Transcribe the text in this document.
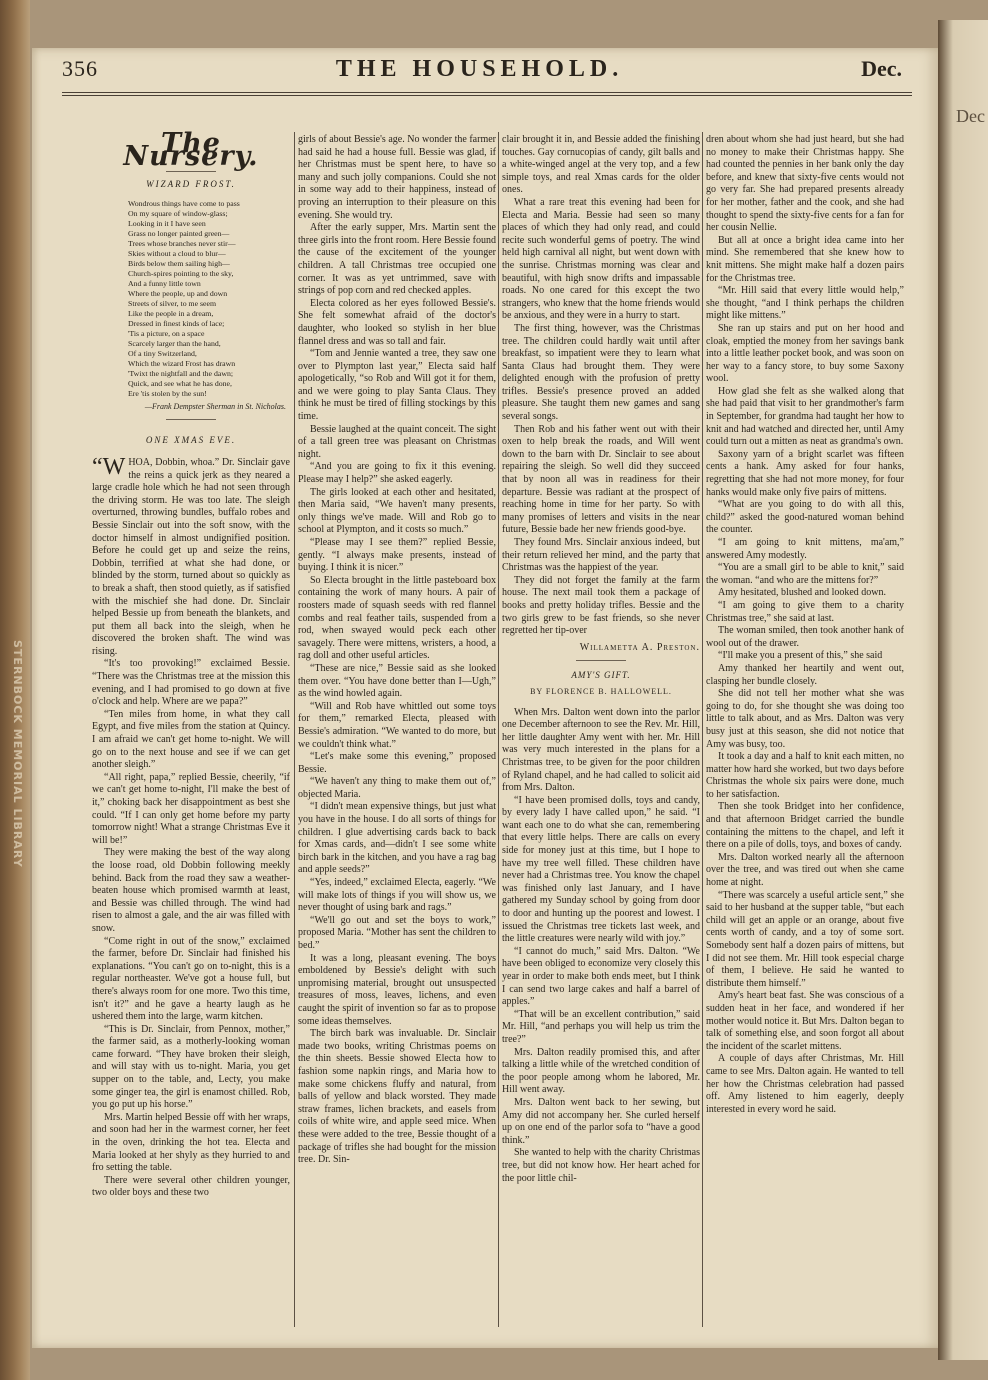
STERNBOCK MEMORIAL LIBRARY
Dec
356	THE HOUSEHOLD.	Dec.
The Nursery.
WIZARD FROST.
Wondrous things have come to pass
On my square of window-glass;
Looking in it I have seen
Grass no longer painted green—
Trees whose branches never stir—
Skies without a cloud to blur—
Birds below them sailing high—
Church-spires pointing to the sky,
And a funny little town
Where the people, up and down
Streets of silver, to me seem
Like the people in a dream,
Dressed in finest kinds of lace;
'Tis a picture, on a space
Scarcely larger than the hand,
Of a tiny Switzerland,
Which the wizard Frost has drawn
'Twixt the nightfall and the dawn;
Quick, and see what he has done,
Ere 'tis stolen by the sun!
—Frank Dempster Sherman in St. Nicholas.
ONE XMAS EVE.

“WHOA, Dobbin, whoa.” Dr. Sinclair gave the reins a quick jerk as they neared a large cradle hole which he had not seen through the driving storm. He was too late. The sleigh overturned, throwing bundles, buffalo robes and Bessie Sinclair out into the soft snow, with the doctor himself in almost undignified position. Before he could get up and seize the reins, Dobbin, terrified at what she had done, or blinded by the storm, turned about so quickly as to break a shaft, then stood quietly, as if satisfied with the mischief she had done. Dr. Sinclair helped Bessie up from beneath the blankets, and put them all back into the sleigh, when he discovered the broken shaft. The wind was rising.

“It's too provoking!” exclaimed Bessie. “There was the Christmas tree at the mission this evening, and I had promised to go down at five o'clock and help. Where are we papa?”

“Ten miles from home, in what they call Egypt, and five miles from the station at Quincy. I am afraid we can't get home to-night. We will go on to the next house and see if we can get another sleigh.”

“All right, papa,” replied Bessie, cheerily, “if we can't get home to-night, I'll make the best of it,” choking back her disappointment as best she could. “If I can only get home before my party tomorrow night! What a strange Christmas Eve it will be!”

They were making the best of the way along the loose road, old Dobbin following meekly behind. Back from the road they saw a weather-beaten house which promised warmth at least, and Bessie was chilled through. The wind had risen to almost a gale, and the air was filled with snow.

“Come right in out of the snow,” exclaimed the farmer, before Dr. Sinclair had finished his explanations. “You can't go on to-night, this is a regular northeaster. We've got a house full, but there's always room for one more. Two this time, isn't it?” and he gave a hearty laugh as he ushered them into the large, warm kitchen.

“This is Dr. Sinclair, from Pennox, mother,” the farmer said, as a motherly-looking woman came forward. “They have broken their sleigh, and will stay with us to-night. Maria, you get supper on to the table, and, Lecty, you make some ginger tea, the girl is enamost chilled. Rob, you go put up his horse.”

Mrs. Martin helped Bessie off with her wraps, and soon had her in the warmest corner, her feet in the oven, drinking the hot tea. Electa and Maria looked at her shyly as they hurried to and fro setting the table.

There were several other children younger, two older boys and these two

girls of about Bessie's age. No wonder the farmer had said he had a house full. Bessie was glad, if her Christmas must be spent here, to have so many and such jolly companions. Could she not in some way add to their happiness, instead of proving an interruption to their pleasure on this evening. She would try.

After the early supper, Mrs. Martin sent the three girls into the front room. Here Bessie found the cause of the excitement of the younger children. A tall Christmas tree occupied one corner. It was as yet untrimmed, save with strings of pop corn and red checked apples.

Electa colored as her eyes followed Bessie's. She felt somewhat afraid of the doctor's daughter, who looked so stylish in her blue flannel dress and was so tall and fair.

“Tom and Jennie wanted a tree, they saw one over to Plympton last year,” Electa said half apologetically, “so Rob and Will got it for them, and we were going to play Santa Claus. They think he must be tired of filling stockings by this time.

Bessie laughed at the quaint conceit. The sight of a tall green tree was pleasant on Christmas night.

“And you are going to fix it this evening. Please may I help?” she asked eagerly.

The girls looked at each other and hesitated, then Maria said, “We haven't many presents, only things we've made. Will and Rob go to school at Plympton, and it costs so much.”

“Please may I see them?” replied Bessie, gently. “I always make presents, instead of buying. I think it is nicer.”

So Electa brought in the little pasteboard box containing the work of many hours. A pair of roosters made of squash seeds with red flannel combs and real feather tails, suspended from a rod, when swayed would peck each other savagely. There were mittens, wristers, a hood, a rag doll and other useful articles.

“These are nice,” Bessie said as she looked them over. “You have done better than I—Ugh,” as the wind howled again.

“Will and Rob have whittled out some toys for them,” remarked Electa, pleased with Bessie's admiration. “We wanted to do more, but we couldn't think what.”

“Let's make some this evening,” proposed Bessie.

“We haven't any thing to make them out of,” objected Maria.

“I didn't mean expensive things, but just what you have in the house. I do all sorts of things for children. I glue advertising cards back to back for Xmas cards, and—didn't I see some white birch bark in the kitchen, and you have a rag bag and apple seeds?”

“Yes, indeed,” exclaimed Electa, eagerly. “We will make lots of things if you will show us, we never thought of using bark and rags.”

“We'll go out and set the boys to work,” proposed Maria. “Mother has sent the children to bed.”

It was a long, pleasant evening. The boys emboldened by Bessie's delight with such unpromising material, brought out unsuspected treasures of moss, leaves, lichens, and even caught the spirit of invention so far as to propose some ideas themselves.

The birch bark was invaluable. Dr. Sinclair made two books, writing Christmas poems on the thin sheets. Bessie showed Electa how to fashion some napkin rings, and Maria how to make some chickens fluffy and natural, from balls of yellow and black worsted. They made straw frames, lichen brackets, and easels from coils of white wire, and apple seed mice. When these were added to the tree, Bessie thought of a package of trifles she had bought for the mission tree. Dr. Sin-

clair brought it in, and Bessie added the finishing touches. Gay cornucopias of candy, gilt balls and a white-winged angel at the very top, and a few simple toys, and real Xmas cards for the older ones.

What a rare treat this evening had been for Electa and Maria. Bessie had seen so many places of which they had only read, and could recite such wonderful gems of poetry. The wind held high carnival all night, but went down with the sunrise. Christmas morning was clear and beautiful, with high snow drifts and impassable roads. No one cared for this except the two strangers, who knew that the home friends would be anxious, and they were in a hurry to start.

The first thing, however, was the Christmas tree. The children could hardly wait until after breakfast, so impatient were they to learn what Santa Claus had brought them. They were delighted enough with the profusion of pretty trifles. Bessie's presence proved an added pleasure. She taught them new games and sang several songs.

Then Rob and his father went out with their oxen to help break the roads, and Will went down to the barn with Dr. Sinclair to see about repairing the sleigh. So well did they succeed that by noon all was in readiness for their departure. Bessie was radiant at the prospect of reaching home in time for her party. So with many promises of letters and visits in the near future, Bessie bade her new friends good-bye.

They found Mrs. Sinclair anxious indeed, but their return relieved her mind, and the party that Christmas was the happiest of the year.

They did not forget the family at the farm house. The next mail took them a package of books and pretty holiday trifles. Bessie and the two girls grew to be fast friends, so she never regretted her tip-over

Willametta A. Preston.
AMY'S GIFT.
BY FLORENCE B. HALLOWELL.

When Mrs. Dalton went down into the parlor one December afternoon to see the Rev. Mr. Hill, her little daughter Amy went with her. Mr. Hill was very much interested in the plans for a Christmas tree, to be given for the poor children of Ryland chapel, and he had called to solicit aid from Mrs. Dalton.

“I have been promised dolls, toys and candy, by every lady I have called upon,” he said. “I want each one to do what she can, remembering that every little helps. There are calls on every side for money just at this time, but I hope to have my tree well filled. These children have never had a Christmas tree. You know the chapel was finished only last January, and I have gathered my Sunday school by going from door to door and hunting up the poorest and lowest. I issued the Christmas tree tickets last week, and the little creatures were nearly wild with joy.”

“I cannot do much,” said Mrs. Dalton. “We have been obliged to economize very closely this year in order to make both ends meet, but I think I can send two large cakes and half a barrel of apples.”

“That will be an excellent contribution,” said Mr. Hill, “and perhaps you will help us trim the tree?”

Mrs. Dalton readily promised this, and after talking a little while of the wretched condition of the poor people among whom he labored, Mr. Hill went away.

Mrs. Dalton went back to her sewing, but Amy did not accompany her. She curled herself up on one end of the parlor sofa to “have a good think.”

She wanted to help with the charity Christmas tree, but did not know how. Her heart ached for the poor little chil-

dren about whom she had just heard, but she had no money to make their Christmas happy. She had counted the pennies in her bank only the day before, and knew that sixty-five cents would not go very far. She had prepared presents already for her mother, father and the cook, and she had thought to spend the sixty-five cents for a fan for her cousin Nellie.

But all at once a bright idea came into her mind. She remembered that she knew how to knit mittens. She might make half a dozen pairs for the Christmas tree.

“Mr. Hill said that every little would help,” she thought, “and I think perhaps the children might like mittens.”

She ran up stairs and put on her hood and cloak, emptied the money from her savings bank into a little leather pocket book, and was soon on her way to a fancy store, to buy some Saxony wool.

How glad she felt as she walked along that she had paid that visit to her grandmother's farm in September, for grandma had taught her how to knit and had watched and directed her, until Amy could turn out a mitten as neat as grandma's own.

Saxony yarn of a bright scarlet was fifteen cents a hank. Amy asked for four hanks, regretting that she had not more money, for four hanks would make only five pairs of mittens.

“What are you going to do with all this, child?” asked the good-natured woman behind the counter.

“I am going to knit mittens, ma'am,” answered Amy modestly.

“You are a small girl to be able to knit,” said the woman. “and who are the mittens for?”

Amy hesitated, blushed and looked down.

“I am going to give them to a charity Christmas tree,” she said at last.

The woman smiled, then took another hank of wool out of the drawer.

“I'll make you a present of this,” she said

Amy thanked her heartily and went out, clasping her bundle closely.

She did not tell her mother what she was going to do, for she thought she was doing too little to talk about, and as Mrs. Dalton was very busy just at this season, she did not notice that Amy was busy, too.

It took a day and a half to knit each mitten, no matter how hard she worked, but two days before Christmas the whole six pairs were done, much to her satisfaction.

Then she took Bridget into her confidence, and that afternoon Bridget carried the bundle containing the mittens to the chapel, and left it there on a pile of dolls, toys, and boxes of candy.

Mrs. Dalton worked nearly all the afternoon over the tree, and was tired out when she came home at night.

“There was scarcely a useful article sent,” she said to her husband at the supper table, “but each child will get an apple or an orange, about five cents worth of candy, and a toy of some sort. Somebody sent half a dozen pairs of mittens, but I did not see them. Mr. Hill took especial charge of them, I believe. He said he wanted to distribute them himself.”

Amy's heart beat fast. She was conscious of a sudden heat in her face, and wondered if her mother would notice it. But Mrs. Dalton began to talk of something else, and soon forgot all about the incident of the scarlet mittens.

A couple of days after Christmas, Mr. Hill came to see Mrs. Dalton again. He wanted to tell her how the Christmas celebration had passed off. Amy listened to him eagerly, deeply interested in every word he said.
